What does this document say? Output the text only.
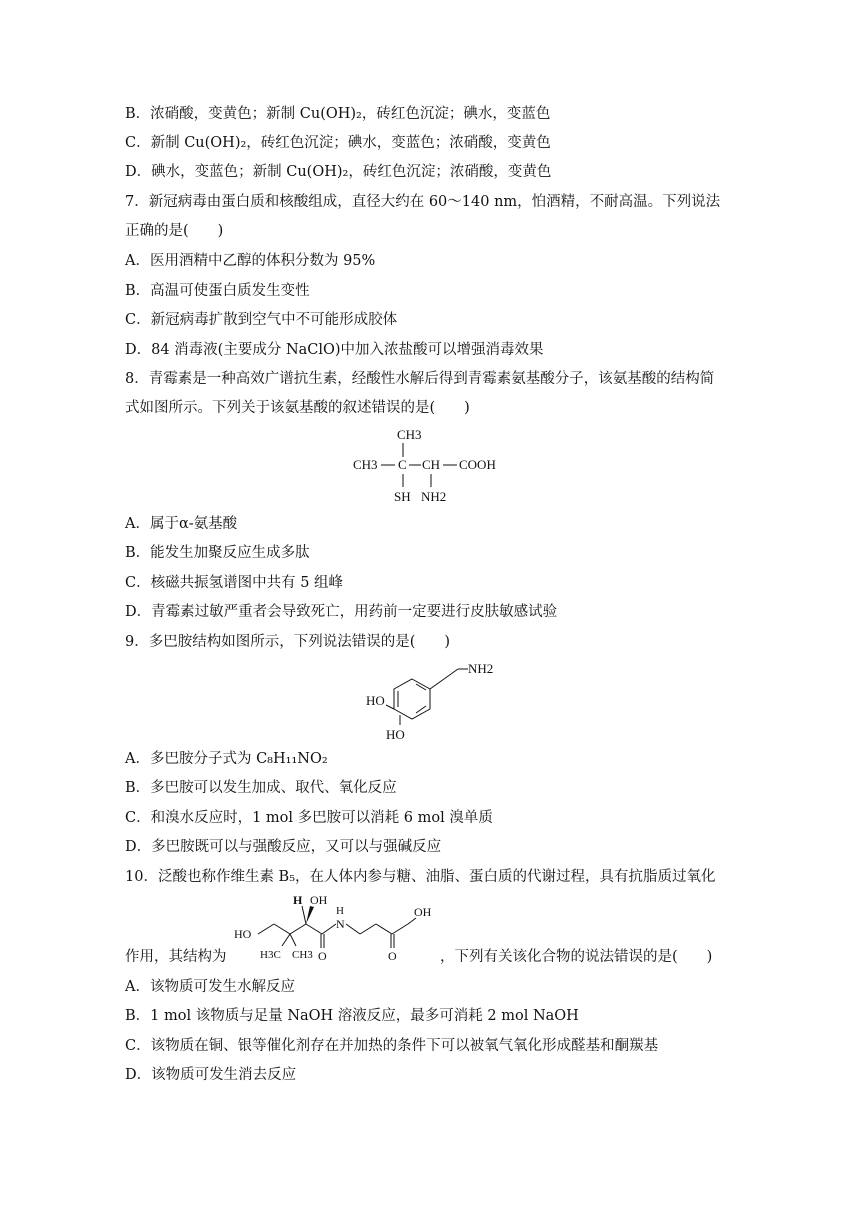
B．浓硝酸，变黄色；新制 Cu(OH)₂，砖红色沉淀；碘水，变蓝色
C．新制 Cu(OH)₂，砖红色沉淀；碘水，变蓝色；浓硝酸，变黄色
D．碘水，变蓝色；新制 Cu(OH)₂，砖红色沉淀；浓硝酸，变黄色
7．新冠病毒由蛋白质和核酸组成，直径大约在 60～140 nm，怕酒精，不耐高温。下列说法
正确的是(　　)
A．医用酒精中乙醇的体积分数为 95%
B．高温可使蛋白质发生变性
C．新冠病毒扩散到空气中不可能形成胶体
D．84 消毒液(主要成分 NaClO)中加入浓盐酸可以增强消毒效果
8．青霉素是一种高效广谱抗生素，经酸性水解后得到青霉素氨基酸分子，该氨基酸的结构简
式如图所示。下列关于该氨基酸的叙述错误的是(　　)
CH3
CH3 C CH COOH
SH NH2
A．属于α-氨基酸
B．能发生加聚反应生成多肽
C．核磁共振氢谱图中共有 5 组峰
D．青霉素过敏严重者会导致死亡，用药前一定要进行皮肤敏感试验
9．多巴胺结构如图所示，下列说法错误的是(　　)
NH2
HO
HO
A．多巴胺分子式为 C₈H₁₁NO₂
B．多巴胺可以发生加成、取代、氧化反应
C．和溴水反应时，1 mol 多巴胺可以消耗 6 mol 溴单质
D．多巴胺既可以与强酸反应，又可以与强碱反应
10．泛酸也称作维生素 B₅，在人体内参与糖、油脂、蛋白质的代谢过程，具有抗脂质过氧化
H OH
HO
H3C CH3 O
N
H	OH
O
作用，其结构为	，下列有关该化合物的说法错误的是(　　)
A．该物质可发生水解反应
B．1 mol 该物质与足量 NaOH 溶液反应，最多可消耗 2 mol NaOH
C．该物质在铜、银等催化剂存在并加热的条件下可以被氧气氧化形成醛基和酮羰基
D．该物质可发生消去反应
